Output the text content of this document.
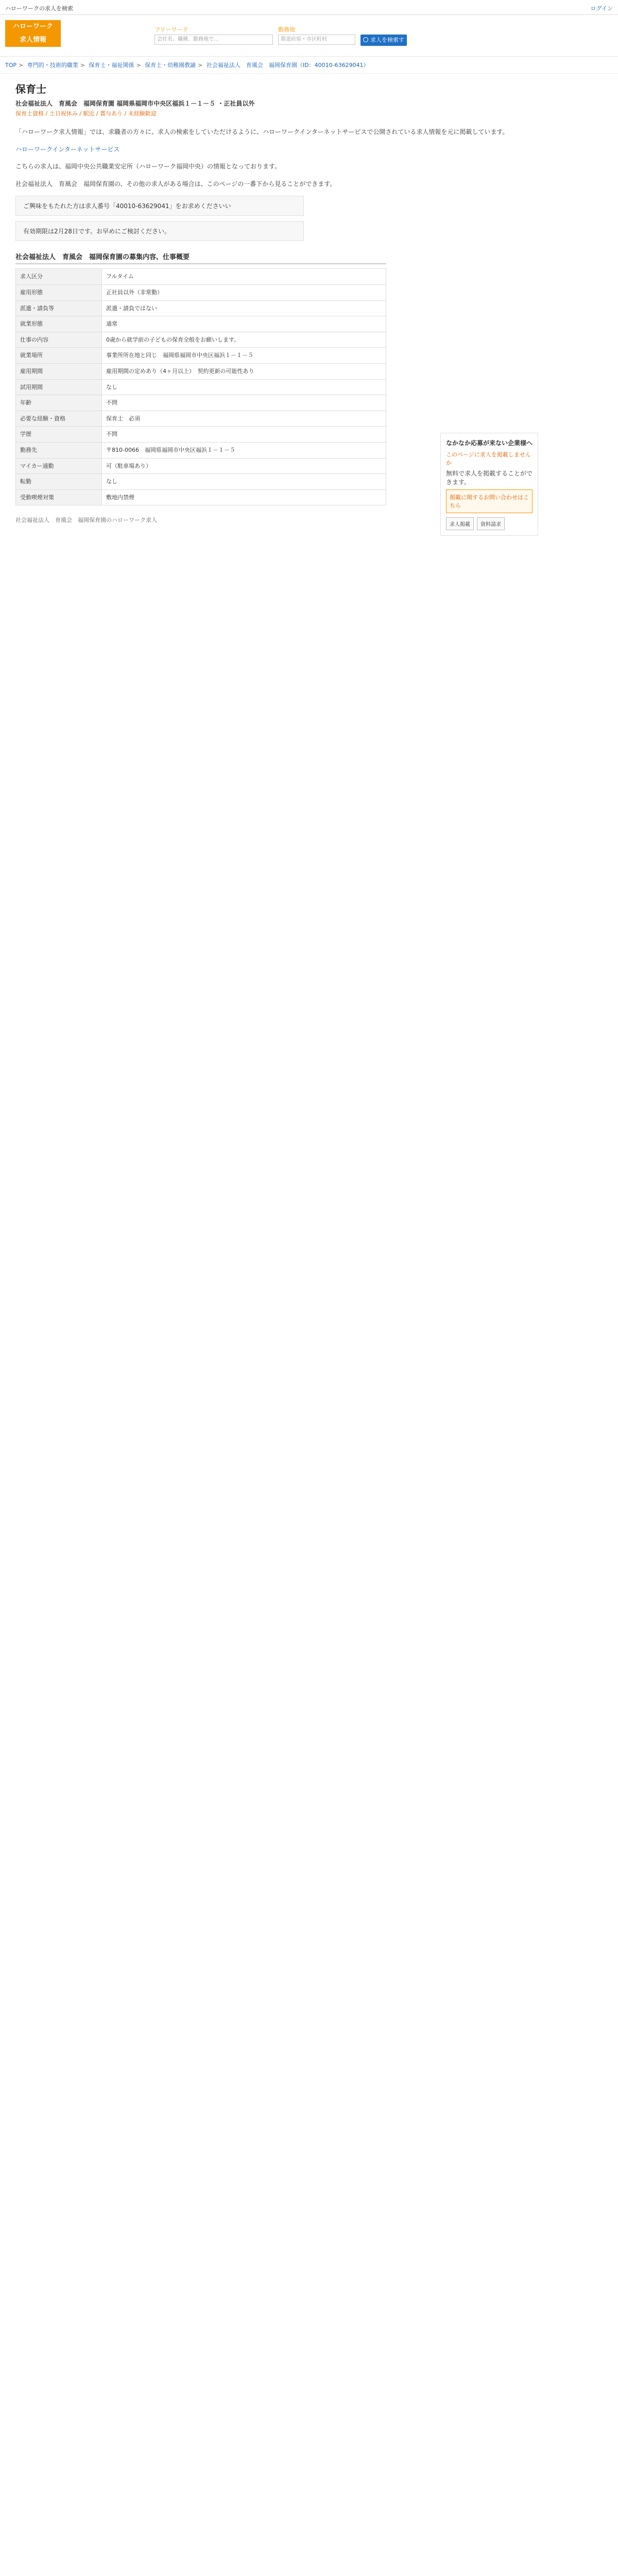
ハローワークの求人を検索	ログイン
ハローワーク
求人情報
フリーワード
会社名、職種、勤務地で…
勤務地
都道府県・市区町村	求人を検索する
TOP > 専門的・技術的職業 > 保育士・福祉関係 > 保育士・幼稚園教諭 > 社会福祉法人　育風会　福岡保育園（ID：40010-63629041）
保育士
社会福祉法人　育風会　福岡保育園 福岡県福岡市中央区福浜１－１－５ ・正社員以外
保育士資格 / 土日祝休み / 駅近 / 賞与あり / 未経験歓迎

「ハローワーク求人情報」では、求職者の方々に、求人の検索をしていただけるように、ハローワークインターネットサービスで公開されている求人情報を元に掲載しています。

ハローワークインターネットサービス

こちらの求人は、福岡中央公共職業安定所（ハローワーク福岡中央）の情報となっております。

社会福祉法人　育風会　福岡保育園の、その他の求人がある場合は、このページの一番下から見ることができます。

ご興味をもたれた方は求人番号「40010-63629041」をお求めくださいい
有効期限は2月28日です。お早めにご検討ください。
社会福祉法人　育風会　福岡保育園の募集内容、仕事概要
求人区分	フルタイム
雇用形態	正社員以外（非常勤）
派遣・請負等	派遣・請負ではない
就業形態	通常
仕事の内容	0歳から就学前の子どもの保育全般をお願いします。
就業場所	事業所所在地と同じ　福岡県福岡市中央区福浜１－１－５
雇用期間	雇用期間の定めあり（4ヶ月以上）　契約更新の可能性あり
試用期間	なし
年齢	不問
必要な経験・資格	保育士　必須
学歴	不問
勤務先	〒810-0066　福岡県福岡市中央区福浜１－１－５
マイカー通勤	可（駐車場あり）
転勤	なし
受動喫煙対策	敷地内禁煙
なかなか応募が来ない企業様へ
このページに求人を掲載しませんか
無料で求人を掲載することができます。
掲載に関するお問い合わせはこちら
求人掲載	資料請求
社会福祉法人　育風会　福岡保育園のハローワーク求人
